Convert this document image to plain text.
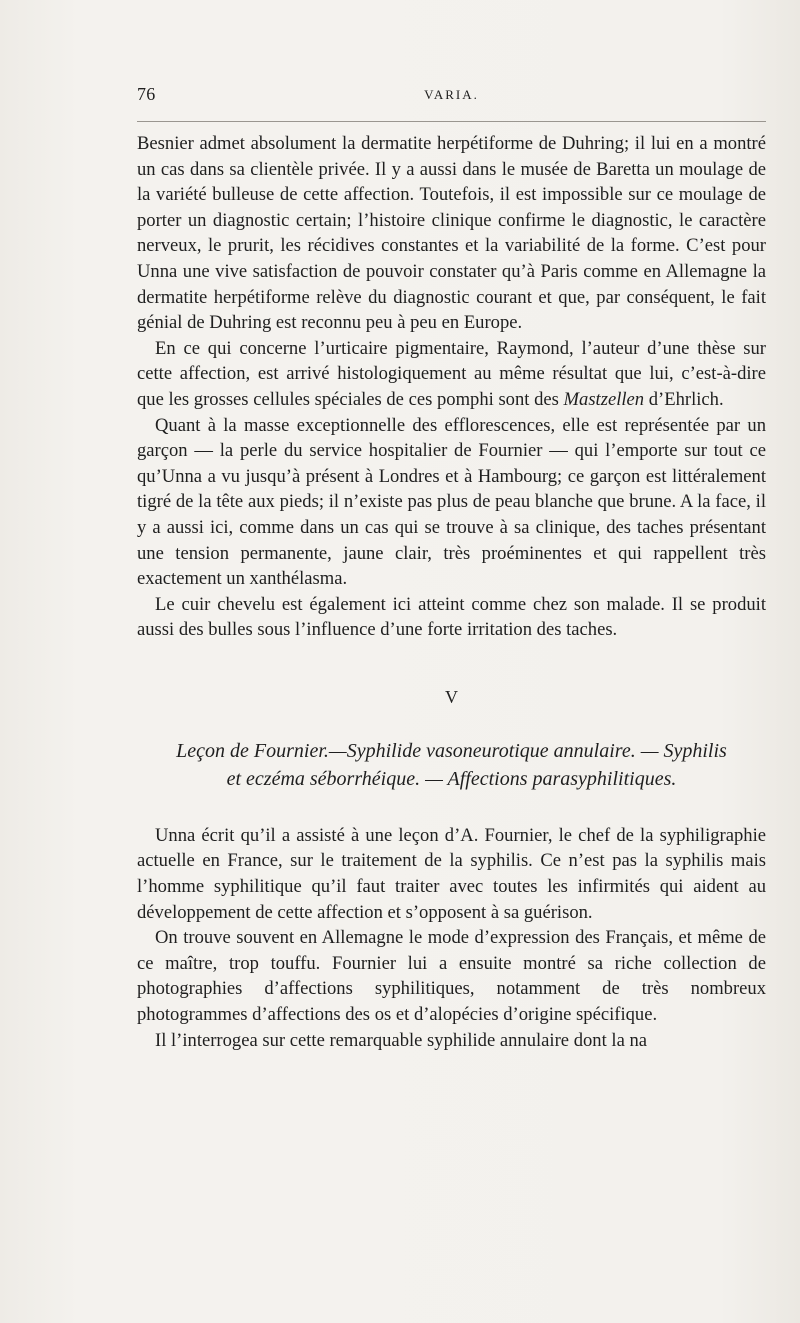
76	VARIA.

Besnier admet absolument la dermatite herpétiforme de Duhring; il lui en a montré un cas dans sa clientèle privée. Il y a aussi dans le musée de Baretta un moulage de la variété bulleuse de cette affection. Toutefois, il est impossible sur ce moulage de porter un diagnostic certain; l’histoire clinique confirme le diagnostic, le caractère nerveux, le prurit, les récidives constantes et la variabilité de la forme. C’est pour Unna une vive satisfaction de pouvoir constater qu’à Paris comme en Allemagne la dermatite herpétiforme relève du diagnostic courant et que, par conséquent, le fait génial de Duhring est reconnu peu à peu en Europe.

En ce qui concerne l’urticaire pigmentaire, Raymond, l’auteur d’une thèse sur cette affection, est arrivé histologiquement au même résultat que lui, c’est-à-dire que les grosses cellules spéciales de ces pomphi sont des Mastzellen d’Ehrlich.

Quant à la masse exceptionnelle des efflorescences, elle est représentée par un garçon — la perle du service hospitalier de Fournier — qui l’emporte sur tout ce qu’Unna a vu jusqu’à présent à Londres et à Hambourg; ce garçon est littéralement tigré de la tête aux pieds; il n’existe pas plus de peau blanche que brune. A la face, il y a aussi ici, comme dans un cas qui se trouve à sa clinique, des taches présentant une tension permanente, jaune clair, très proéminentes et qui rappellent très exactement un xanthélasma.

Le cuir chevelu est également ici atteint comme chez son malade. Il se produit aussi des bulles sous l’influence d’une forte irritation des taches.

V
Leçon de Fournier.—Syphilide vasoneurotique annulaire. — Syphilis
et eczéma séborrhéique. — Affections parasyphilitiques.

Unna écrit qu’il a assisté à une leçon d’A. Fournier, le chef de la syphiligraphie actuelle en France, sur le traitement de la syphilis. Ce n’est pas la syphilis mais l’homme syphilitique qu’il faut traiter avec toutes les infirmités qui aident au développement de cette affection et s’opposent à sa guérison.

On trouve souvent en Allemagne le mode d’expression des Français, et même de ce maître, trop touffu. Fournier lui a ensuite montré sa riche collection de photographies d’affections syphilitiques, notamment de très nombreux photogrammes d’affections des os et d’alopécies d’origine spécifique.

Il l’interrogea sur cette remarquable syphilide annulaire dont la na
